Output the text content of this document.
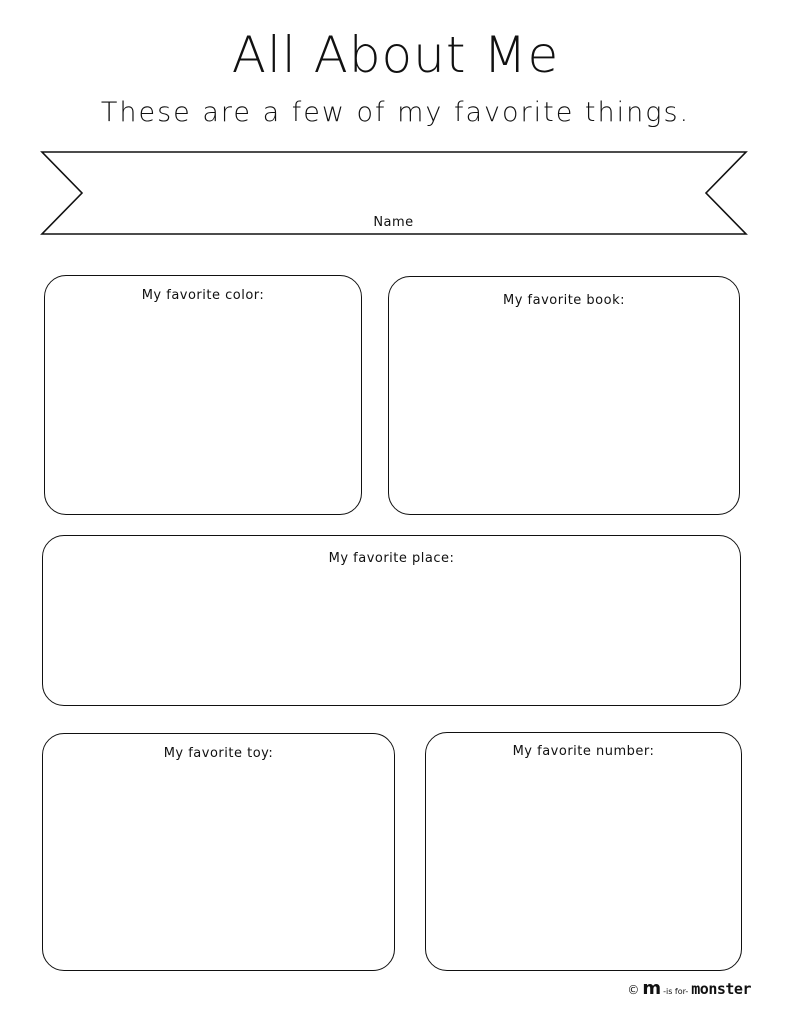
All About Me
These are a few of my favorite things.
Name
My favorite color:	My favorite book:
My favorite place:
My favorite toy:	My favorite number:
© m -is for- monster
